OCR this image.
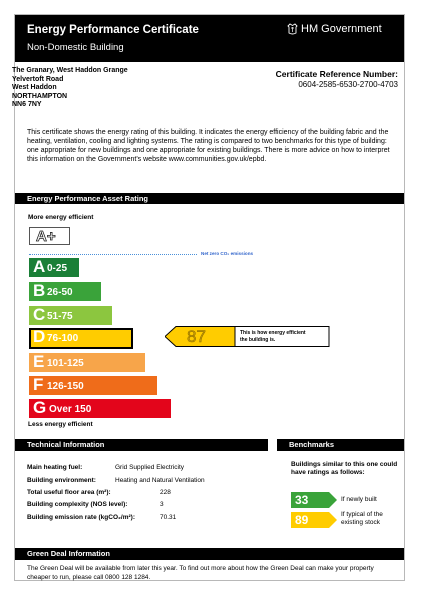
Energy Performance Certificate
Non-Domestic Building
HM Government
The Granary, West Haddon Grange
Yelvertoft Road
West Haddon
NORTHAMPTON
NN6 7NY
Certificate Reference Number:
0604-2585-6530-2700-4703
This certificate shows the energy rating of this building. It indicates the energy efficiency of the building fabric and the heating, ventilation, cooling and lighting systems. The rating is compared to two benchmarks for this type of building: one appropriate for new buildings and one appropriate for existing buildings. There is more advice on how to interpret this information on the Government's website www.communities.gov.uk/epbd.
Energy Performance Asset Rating
More energy efficient
A+
Net zero CO₂ emissions
A 0-25
B 26-50
C 51-75
D 76-100
E 101-125
F 126-150
G Over 150
87	This is how energy efficient
the building is.
Less energy efficient
Technical Information
Main heating fuel:	Grid Supplied Electricity
Building environment:	Heating and Natural Ventilation
Total useful floor area (m²):	228
Building complexity (NOS level):	3
Building emission rate (kgCO₂/m²):	70.31
Benchmarks
Buildings similar to this one could have ratings as follows:
33	If newly built
89	If typical of the existing stock
Green Deal Information
The Green Deal will be available from later this year. To find out more about how the Green Deal can make your property cheaper to run, please call 0800 128 1284.
